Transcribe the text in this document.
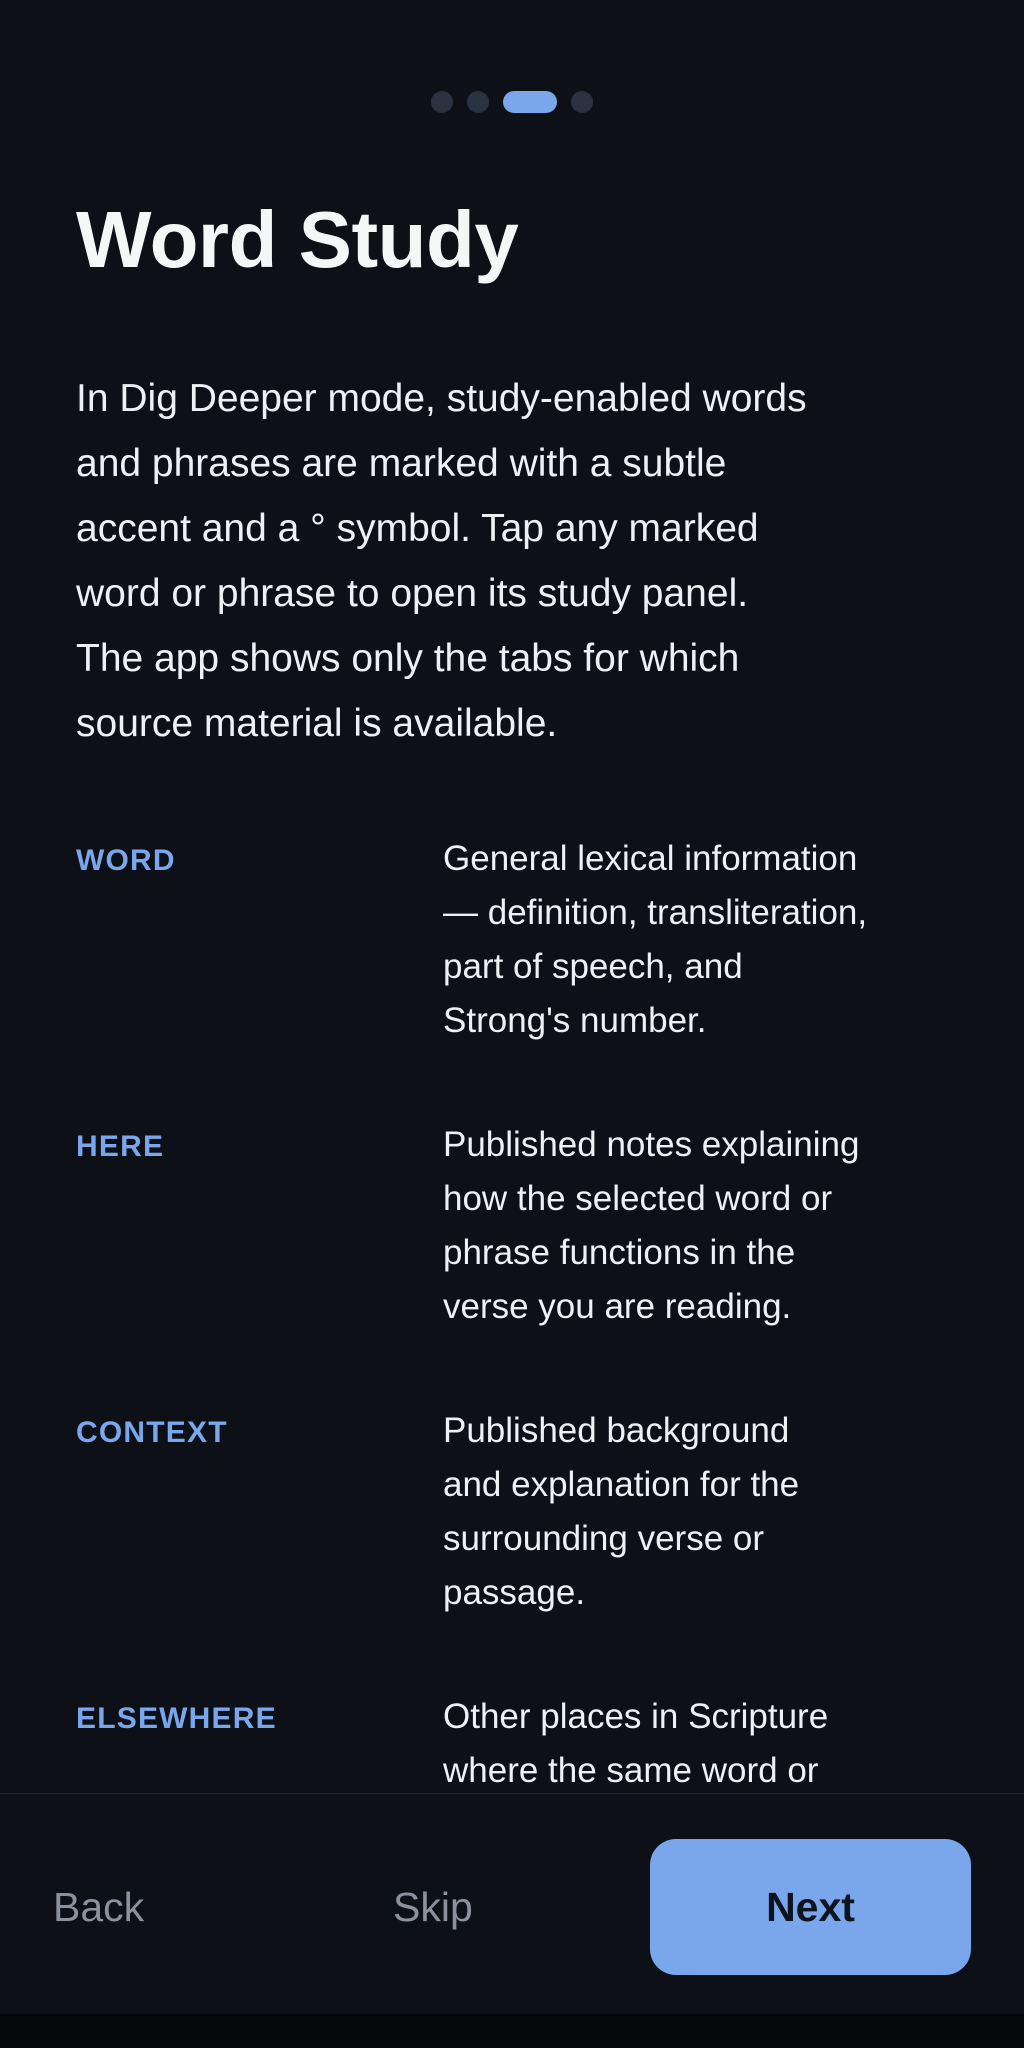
Word Study
In Dig Deeper mode, study-enabled words
and phrases are marked with a subtle
accent and a ° symbol. Tap any marked
word or phrase to open its study panel.
The app shows only the tabs for which
source material is available.
WORD	General lexical information
— definition, transliteration,
part of speech, and
Strong's number.
HERE	Published notes explaining
how the selected word or
phrase functions in the
verse you are reading.
CONTEXT	Published background
and explanation for the
surrounding verse or
passage.
ELSEWHERE	Other places in Scripture
where the same word or
Back	Skip	Next
